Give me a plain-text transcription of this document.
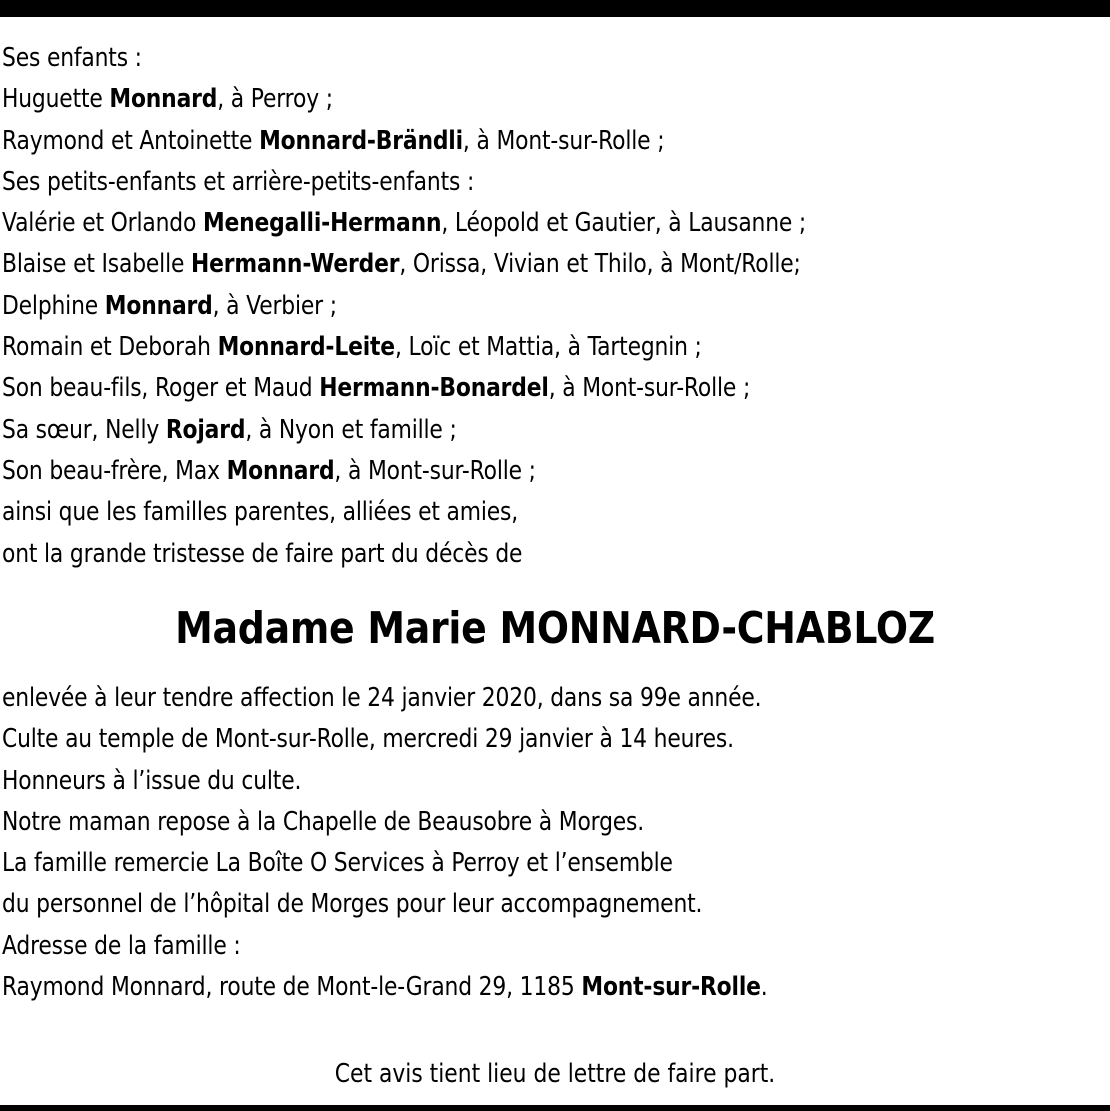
Ses enfants :
Huguette Monnard, à Perroy ;
Raymond et Antoinette Monnard-Brändli, à Mont-sur-Rolle ;
Ses petits-enfants et arrière-petits-enfants :
Valérie et Orlando Menegalli-Hermann, Léopold et Gautier, à Lausanne ;
Blaise et Isabelle Hermann-Werder, Orissa, Vivian et Thilo, à Mont/Rolle;
Delphine Monnard, à Verbier ;
Romain et Deborah Monnard-Leite, Loïc et Mattia, à Tartegnin ;
Son beau-fils, Roger et Maud Hermann-Bonardel, à Mont-sur-Rolle ;
Sa sœur, Nelly Rojard, à Nyon et famille ;
Son beau-frère, Max Monnard, à Mont-sur-Rolle ;
ainsi que les familles parentes, alliées et amies,
ont la grande tristesse de faire part du décès de
Madame Marie MONNARD-CHABLOZ
enlevée à leur tendre affection le 24 janvier 2020, dans sa 99e année.
Culte au temple de Mont-sur-Rolle, mercredi 29 janvier à 14 heures.
Honneurs à l’issue du culte.
Notre maman repose à la Chapelle de Beausobre à Morges.
La famille remercie La Boîte O Services à Perroy et l’ensemble
du personnel de l’hôpital de Morges pour leur accompagnement.
Adresse de la famille :
Raymond Monnard, route de Mont-le-Grand 29, 1185 Mont-sur-Rolle.
Cet avis tient lieu de lettre de faire part.
